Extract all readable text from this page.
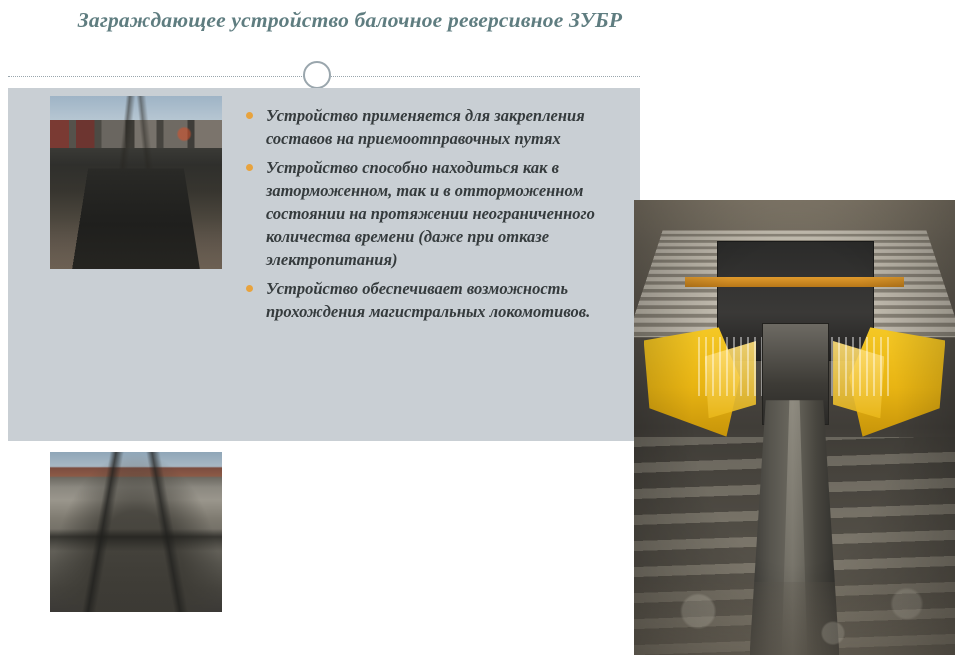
Заграждающее устройство балочное реверсивное ЗУБР
Устройство применяется для закрепления составов на приемоотправочных путях
Устройство способно находиться как в заторможенном, так и в отторможенном состоянии на протяжении неограниченного количества времени (даже при отказе электропитания)
Устройство обеспечивает возможность прохождения магистральных локомотивов.
